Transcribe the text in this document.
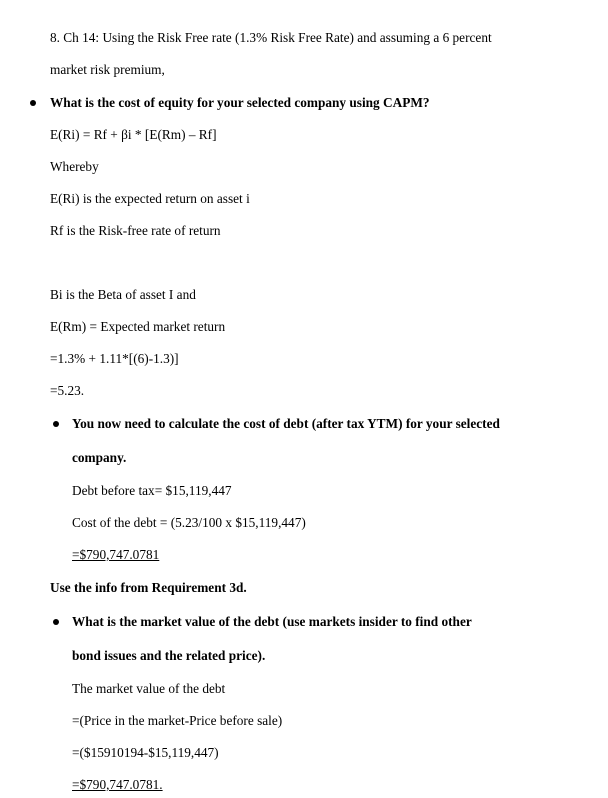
8. Ch 14: Using the Risk Free rate (1.3% Risk Free Rate) and assuming a 6 percent
market risk premium,
What is the cost of equity for your selected company using CAPM?
E(Ri) = Rf + βi * [E(Rm) – Rf]
Whereby
E(Ri) is the expected return on asset i
Rf is the Risk-free rate of return
Bi is the Beta of asset I and
E(Rm) = Expected market return
=1.3% + 1.11*[(6)-1.3)]
=5.23.
You now need to calculate the cost of debt (after tax YTM) for your selected
company.
Debt before tax= $15,119,447
Cost of the debt = (5.23/100 x $15,119,447)
=$790,747.0781
Use the info from Requirement 3d.
What is the market value of the debt (use markets insider to find other
bond issues and the related price).
The market value of the debt
=(Price in the market-Price before sale)
=($15910194-$15,119,447)
=$790,747.0781.
